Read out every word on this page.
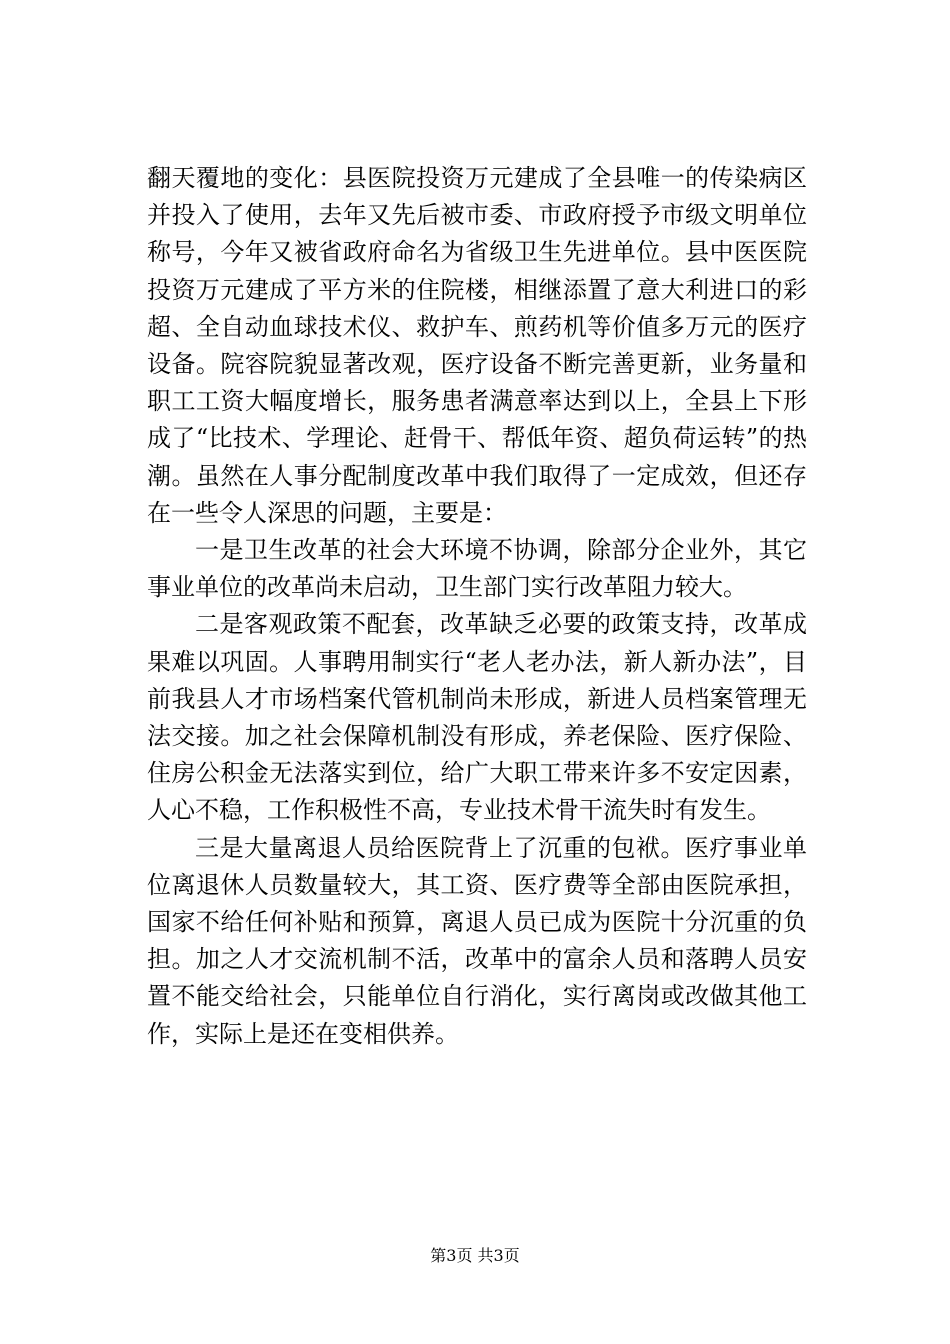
翻天覆地的变化：县医院投资万元建成了全县唯一的传染病区并投入了使用，去年又先后被市委、市政府授予市级文明单位称号，今年又被省政府命名为省级卫生先进单位。县中医医院投资万元建成了平方米的住院楼，相继添置了意大利进口的彩超、全自动血球技术仪、救护车、煎药机等价值多万元的医疗设备。院容院貌显著改观，医疗设备不断完善更新，业务量和职工工资大幅度增长，服务患者满意率达到以上，全县上下形成了“比技术、学理论、赶骨干、帮低年资、超负荷运转”的热潮。虽然在人事分配制度改革中我们取得了一定成效，但还存在一些令人深思的问题，主要是：

一是卫生改革的社会大环境不协调，除部分企业外，其它事业单位的改革尚未启动，卫生部门实行改革阻力较大。

二是客观政策不配套，改革缺乏必要的政策支持，改革成果难以巩固。人事聘用制实行“老人老办法，新人新办法”，目前我县人才市场档案代管机制尚未形成，新进人员档案管理无法交接。加之社会保障机制没有形成，养老保险、医疗保险、住房公积金无法落实到位，给广大职工带来许多不安定因素，人心不稳，工作积极性不高，专业技术骨干流失时有发生。

三是大量离退人员给医院背上了沉重的包袱。医疗事业单位离退休人员数量较大，其工资、医疗费等全部由医院承担，国家不给任何补贴和预算，离退人员已成为医院十分沉重的负担。加之人才交流机制不活，改革中的富余人员和落聘人员安置不能交给社会，只能单位自行消化，实行离岗或改做其他工作，实际上是还在变相供养。

第3页 共3页
